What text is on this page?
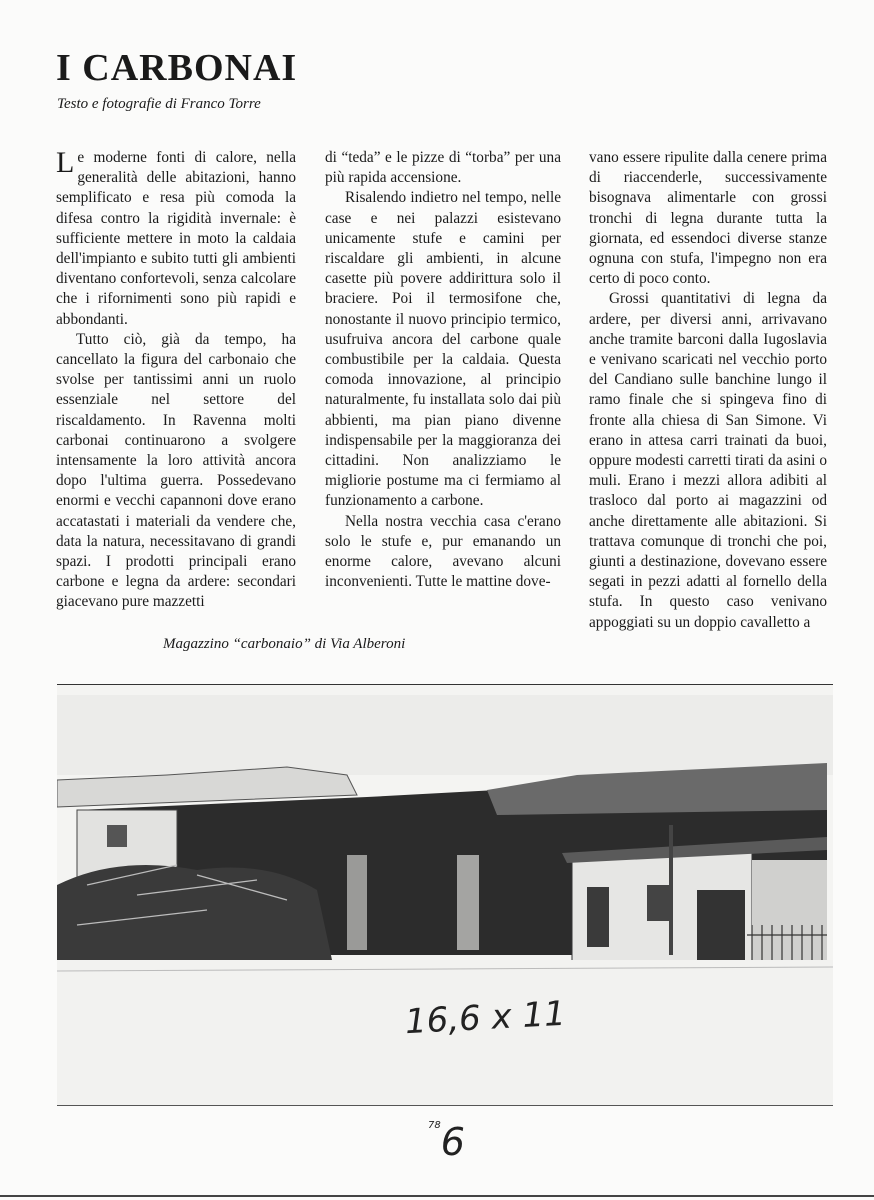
I CARBONAI
Testo e fotografie di Franco Torre

Le moderne fonti di calore, nella generalità delle abitazioni, hanno semplificato e resa più comoda la difesa contro la rigidità invernale: è sufficiente mettere in moto la caldaia dell'impianto e subito tutti gli ambienti diventano confortevoli, senza calcolare che i rifornimenti sono più rapidi e abbondanti.

Tutto ciò, già da tempo, ha cancellato la figura del carbonaio che svolse per tantissimi anni un ruolo essenziale nel settore del riscaldamento. In Ravenna molti carbonai continuarono a svolgere intensamente la loro attività ancora dopo l'ultima guerra. Possedevano enormi e vecchi capannoni dove erano accatastati i materiali da vendere che, data la natura, necessitavano di grandi spazi. I prodotti principali erano carbone e legna da ardere: secondari giacevano pure mazzetti

di “teda” e le pizze di “torba” per una più rapida accensione.

Risalendo indietro nel tempo, nelle case e nei palazzi esistevano unicamente stufe e camini per riscaldare gli ambienti, in alcune casette più povere addirittura solo il braciere. Poi il termosifone che, nonostante il nuovo principio termico, usufruiva ancora del carbone quale combustibile per la caldaia. Questa comoda innovazione, al principio naturalmente, fu installata solo dai più abbienti, ma pian piano divenne indispensabile per la maggioranza dei cittadini. Non analizziamo le migliorie postume ma ci fermiamo al funzionamento a carbone.

Nella nostra vecchia casa c'erano solo le stufe e, pur emanando un enorme calore, avevano alcuni inconvenienti. Tutte le mattine dove-

vano essere ripulite dalla cenere prima di riaccenderle, successivamente bisognava alimentarle con grossi tronchi di legna durante tutta la giornata, ed essendoci diverse stanze ognuna con stufa, l'impegno non era certo di poco conto.

Grossi quantitativi di legna da ardere, per diversi anni, arrivavano anche tramite barconi dalla Iugoslavia e venivano scaricati nel vecchio porto del Candiano sulle banchine lungo il ramo finale che si spingeva fino di fronte alla chiesa di San Simone. Vi erano in attesa carri trainati da buoi, oppure modesti carretti tirati da asini o muli. Erano i mezzi allora adibiti al trasloco dal porto ai magazzini od anche direttamente alle abitazioni. Si trattava comunque di tronchi che poi, giunti a destinazione, dovevano essere segati in pezzi adatti al fornello della stufa. In questo caso venivano appoggiati su un doppio cavalletto a

Magazzino “carbonaio” di Via Alberoni
16,6 x 11
$^{78}$6
